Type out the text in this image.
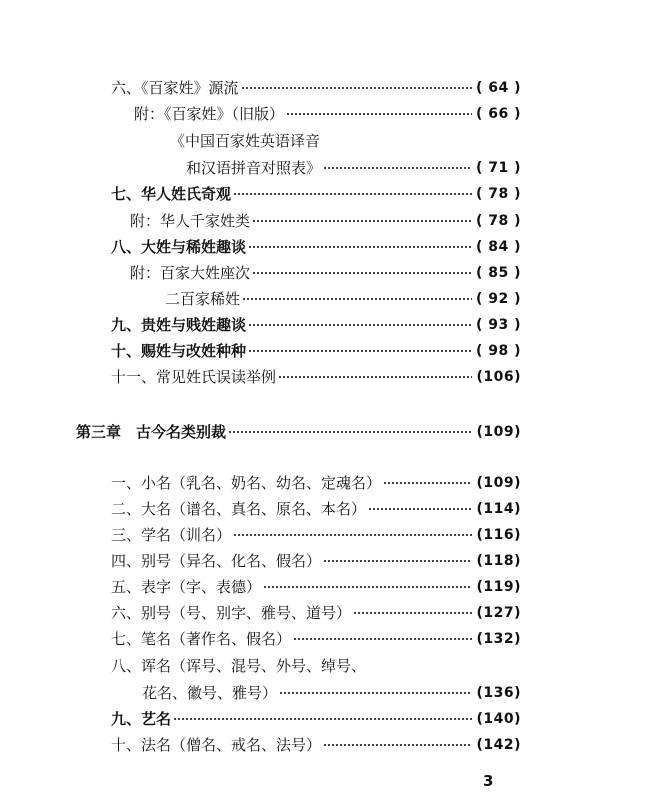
六、《百家姓》源流	( 64 )
附：《百家姓》（旧版）	( 66 )
《中国百家姓英语译音
和汉语拼音对照表》	( 71 )
七、华人姓氏奇观	( 78 )
附：华人千家姓类	( 78 )
八、大姓与稀姓趣谈	( 84 )
附：百家大姓座次	( 85 )
二百家稀姓	( 92 )
九、贵姓与贱姓趣谈	( 93 )
十、赐姓与改姓种种	( 98 )
十一、常见姓氏误读举例	(106)
第三章　古今名类别裁	(109)
一、小名（乳名、奶名、幼名、定魂名）	(109)
二、大名（谱名、真名、原名、本名）	(114)
三、学名（训名）	(116)
四、别号（异名、化名、假名）	(118)
五、表字（字、表德）	(119)
六、别号（号、别字、雅号、道号）	(127)
七、笔名（著作名、假名）	(132)
八、诨名（诨号、混号、外号、绰号、
花名、徽号、雅号）	(136)
九、艺名	(140)
十、法名（僧名、戒名、法号）	(142)
3
